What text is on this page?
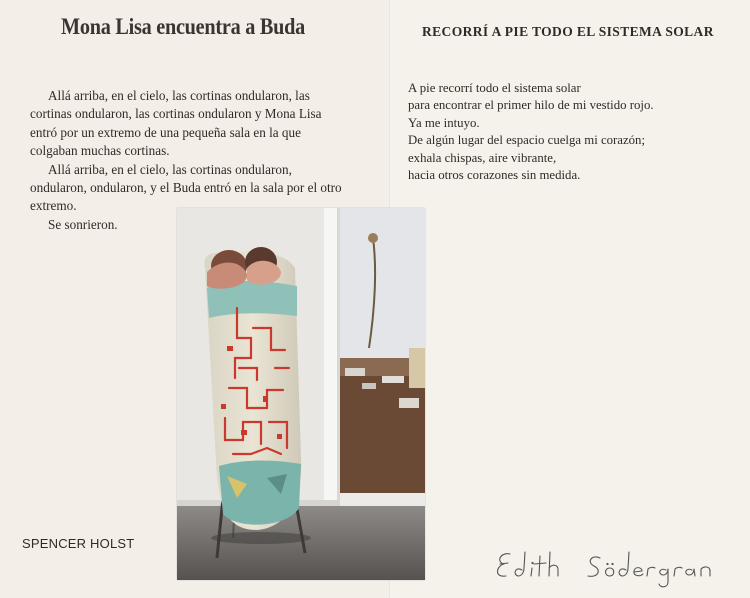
Mona Lisa encuentra a Buda

Allá arriba, en el cielo, las cortinas ondularon, las cortinas ondularon, las cortinas ondularon y Mona Lisa entró por un extremo de una pequeña sala en la que colgaban muchas cortinas.

Allá arriba, en el cielo, las cortinas ondularon, ondularon, ondularon, y el Buda entró en la sala por el otro extremo.

Se sonrieron.

SPENCER HOLST
RECORRÍ A PIE TODO EL SISTEMA SOLAR
A pie recorrí todo el sistema solar
para encontrar el primer hilo de mi vestido rojo.
Ya me intuyo.
De algún lugar del espacio cuelga mi corazón;
exhala chispas, aire vibrante,
hacia otros corazones sin medida.
